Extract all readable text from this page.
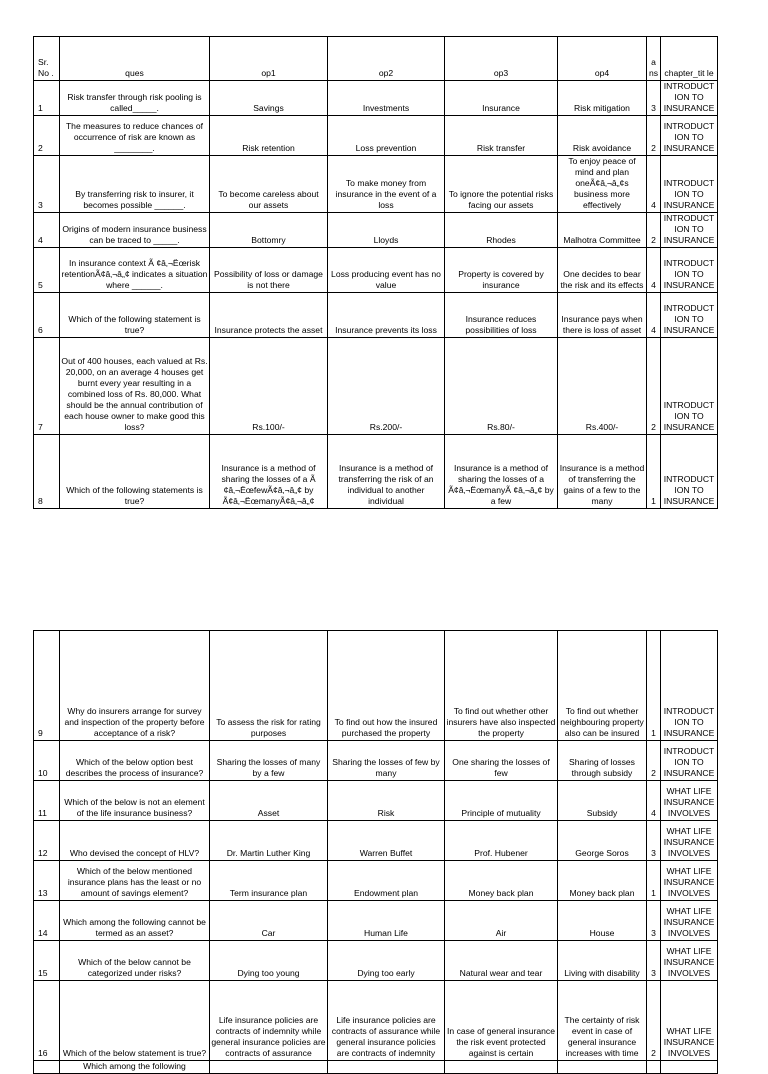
Sr. No .	ques	op1	op2	op3	op4	a ns	chapter_tit le
1	Risk transfer through risk pooling is called_____.	Savings	Investments	Insurance	Risk mitigation	3	INTRODUCT ION TO INSURANCE
2	The measures to reduce chances of occurrence of risk are known as ________.	Risk retention	Loss prevention	Risk transfer	Risk avoidance	2	INTRODUCT ION TO INSURANCE
3	By transferring risk to insurer, it becomes possible ______.	To become careless about our assets	To make money from insurance in the event of a loss	To ignore the potential risks facing our assets	To enjoy peace of mind and plan oneÃ¢â‚¬â„¢s business more effectively	4	INTRODUCT ION TO INSURANCE
4	Origins of modern insurance business can be traced to _____.	Bottomry	Lloyds	Rhodes	Malhotra Committee	2	INTRODUCT ION TO INSURANCE
5	In insurance context Ã ¢â‚¬Ëœrisk retentionÃ¢â‚¬â„¢ indicates a situation where ______.	Possibility of loss or damage is not there	Loss producing event has no value	Property is covered by insurance	One decides to bear the risk and its effects	4	INTRODUCT ION TO INSURANCE
6	Which of the following statement is true?	Insurance protects the asset	Insurance prevents its loss	Insurance reduces possibilities of loss	Insurance pays when there is loss of asset	4	INTRODUCT ION TO INSURANCE
7	Out of 400 houses, each valued at Rs. 20,000, on an average 4 houses get burnt every year resulting in a combined loss of Rs. 80,000. What should be the annual contribution of each house owner to make good this loss?	Rs.100/-	Rs.200/-	Rs.80/-	Rs.400/-	2	INTRODUCT ION TO INSURANCE
8	Which of the following statements is true?	Insurance is a method of sharing the losses of a Ã ¢â‚¬ËœfewÃ¢â‚¬â„¢ by Ã¢â‚¬ËœmanyÃ¢â‚¬â„¢	Insurance is a method of transferring the risk of an individual to another individual	Insurance is a method of sharing the losses of a Ã¢â‚¬ËœmanyÃ ¢â‚¬â„¢ by a few	Insurance is a method of transferring the gains of a few to the many	1	INTRODUCT ION TO INSURANCE
9	Why do insurers arrange for survey and inspection of the property before acceptance of a risk?	To assess the risk for rating purposes	To find out how the insured purchased the property	To find out whether other insurers have also inspected the property	To find out whether neighbouring property also can be insured	1	INTRODUCT ION TO INSURANCE
10	Which of the below option best describes the process of insurance?	Sharing the losses of many by a few	Sharing the losses of few by many	One sharing the losses of few	Sharing of losses through subsidy	2	INTRODUCT ION TO INSURANCE
11	Which of the below is not an element of the life insurance business?	Asset	Risk	Principle of mutuality	Subsidy	4	WHAT LIFE INSURANCE INVOLVES
12	Who devised the concept of HLV?	Dr. Martin Luther King	Warren Buffet	Prof. Hubener	George Soros	3	WHAT LIFE INSURANCE INVOLVES
13	Which of the below mentioned insurance plans has the least or no amount of savings element?	Term insurance plan	Endowment plan	Money back plan	Money back plan	1	WHAT LIFE INSURANCE INVOLVES
14	Which among the following cannot be termed as an asset?	Car	Human Life	Air	House	3	WHAT LIFE INSURANCE INVOLVES
15	Which of the below cannot be categorized under risks?	Dying too young	Dying too early	Natural wear and tear	Living with disability	3	WHAT LIFE INSURANCE INVOLVES
16	Which of the below statement is true?	Life insurance policies are contracts of indemnity while general insurance policies are contracts of assurance	Life insurance policies are contracts of assurance while general insurance policies are contracts of indemnity	In case of general insurance the risk event protected against is certain	The certainty of risk event in case of general insurance increases with time	2	WHAT LIFE INSURANCE INVOLVES
	Which among the following						
